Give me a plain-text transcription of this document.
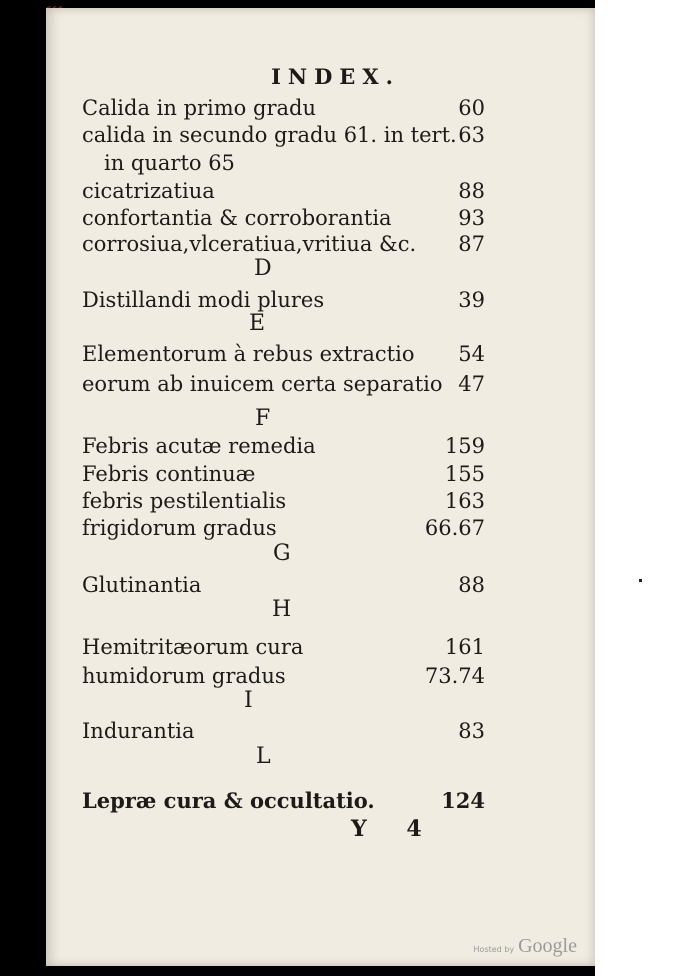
INDEX.
Calida in primo gradu	60
calida in secundo gradu 61. in tert. 63
in quarto 65
cicatrizatiua	88
confortantia & corroborantia	93
corrosiua,vlceratiua,vritiua &c. 87
D
Distillandi modi plures	39
E
Elementorum à rebus extractio 54
eorum ab inuicem certa separatio 47
F
Febris acutæ remedia	159
Febris continuæ	155
febris pestilentialis	163
frigidorum gradus	66.67
G
Glutinantia	88
H
Hemitritæorum cura	161
humidorum gradus	73.74
I
Indurantia	83
L
Lepræ cura & occultatio.	124
Y 4
Hosted by Google
